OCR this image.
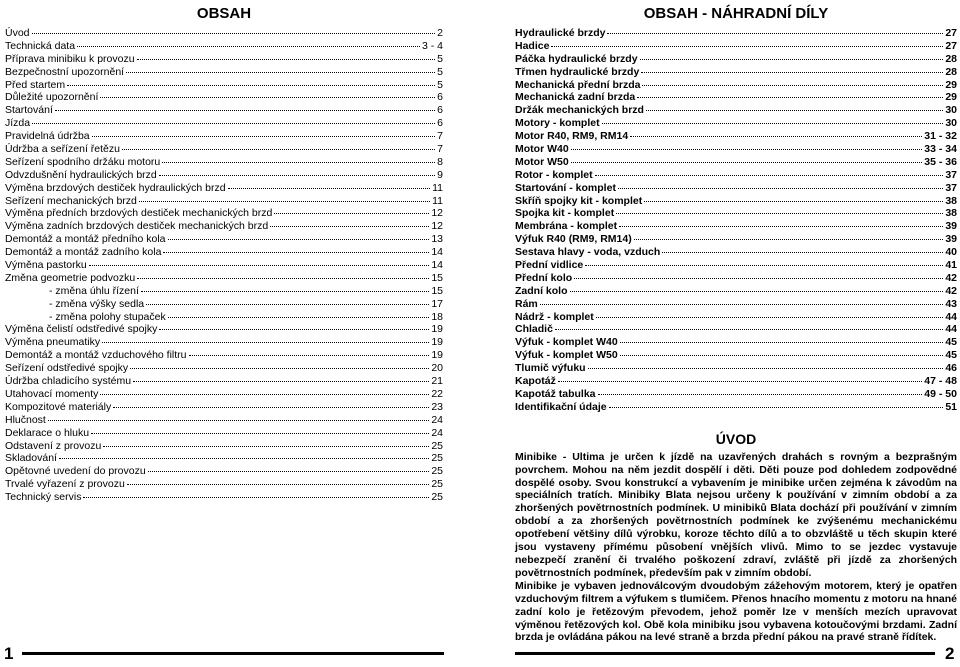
OBSAH
Úvod	2
Technická data	3 - 4
Příprava minibiku k provozu	5
Bezpečnostní upozornění	5
Před startem	5
Důležité upozornění	6
Startování	6
Jízda	6
Pravidelná údržba	7
Údržba a seřízení řetězu	7
Seřízení spodního držáku motoru	8
Odvzdušnění hydraulických brzd	9
Výměna brzdových destiček hydraulických brzd	11
Seřízení mechanických brzd	11
Výměna předních brzdových destiček mechanických brzd	12
Výměna zadních brzdových destiček mechanických brzd	12
Demontáž a montáž předního kola	13
Demontáž a montáž zadního kola	14
Výměna pastorku	14
Změna geometrie podvozku	15
- změna úhlu řízení	15
- změna výšky sedla	17
- změna polohy stupaček	18
Výměna čelistí odstředivé spojky	19
Výměna pneumatiky	19
Demontáž a montáž vzduchového filtru	19
Seřízení odstředivé spojky	20
Údržba chladicího systému	21
Utahovací momenty	22
Kompozitové materiály	23
Hlučnost	24
Deklarace o hluku	24
Odstavení z provozu	25
Skladování	25
Opětovné uvedení do provozu	25
Trvalé vyřazení z provozu	25
Technický servis	25
OBSAH - NÁHRADNÍ DÍLY
Hydraulické brzdy	27
Hadice	27
Páčka hydraulické brzdy	28
Třmen hydraulické brzdy	28
Mechanická přední brzda	29
Mechanická zadní brzda	29
Držák mechanických brzd	30
Motory - komplet	30
Motor R40, RM9, RM14	31 - 32
Motor W40	33 - 34
Motor W50	35 - 36
Rotor - komplet	37
Startování - komplet	37
Skříň spojky kit - komplet	38
Spojka kit - komplet	38
Membrána - komplet	39
Výfuk R40 (RM9, RM14)	39
Sestava hlavy - voda, vzduch	40
Přední vidlice	41
Přední kolo	42
Zadní kolo	42
Rám	43
Nádrž - komplet	44
Chladič	44
Výfuk - komplet W40	45
Výfuk - komplet W50	45
Tlumič výfuku	46
Kapotáž	47 - 48
Kapotáž tabulka	49 - 50
Identifikační údaje	51
ÚVOD

Minibike - Ultima je určen k jízdě na uzavřených drahách s rovným a bezprašným povrchem. Mohou na něm jezdit dospělí i děti. Děti pouze pod dohledem zodpovědné dospělé osoby. Svou konstrukcí a vybavením je minibike určen zejména k závodům na speciálních tratích. Minibiky Blata nejsou určeny k používání v zimním období a za zhoršených povětrnostních podmínek. U minibiků Blata dochází při používání v zimním období a za zhoršených povětrnostních podmínek ke zvýšenému mechanickému opotřebení většiny dílů výrobku, koroze těchto dílů a to obzvláště u těch skupin které jsou vystaveny přímému působení vnějších vlivů. Mimo to se jezdec vystavuje nebezpečí zranění či trvalého poškození zdraví, zvláště při jízdě za zhoršených povětrnostních podmínek, především pak v zimním období.

Minibike je vybaven jednoválcovým dvoudobým zážehovým motorem, který je opatřen vzduchovým filtrem a výfukem s tlumičem. Přenos hnacího momentu z motoru na hnané zadní kolo je řetězovým převodem, jehož poměr lze v menších mezích upravovat výměnou řetězových kol. Obě kola minibiku jsou vybavena kotoučovými brzdami. Zadní brzda je ovládána pákou na levé straně a brzda přední pákou na pravé straně řídítek.

1	2
